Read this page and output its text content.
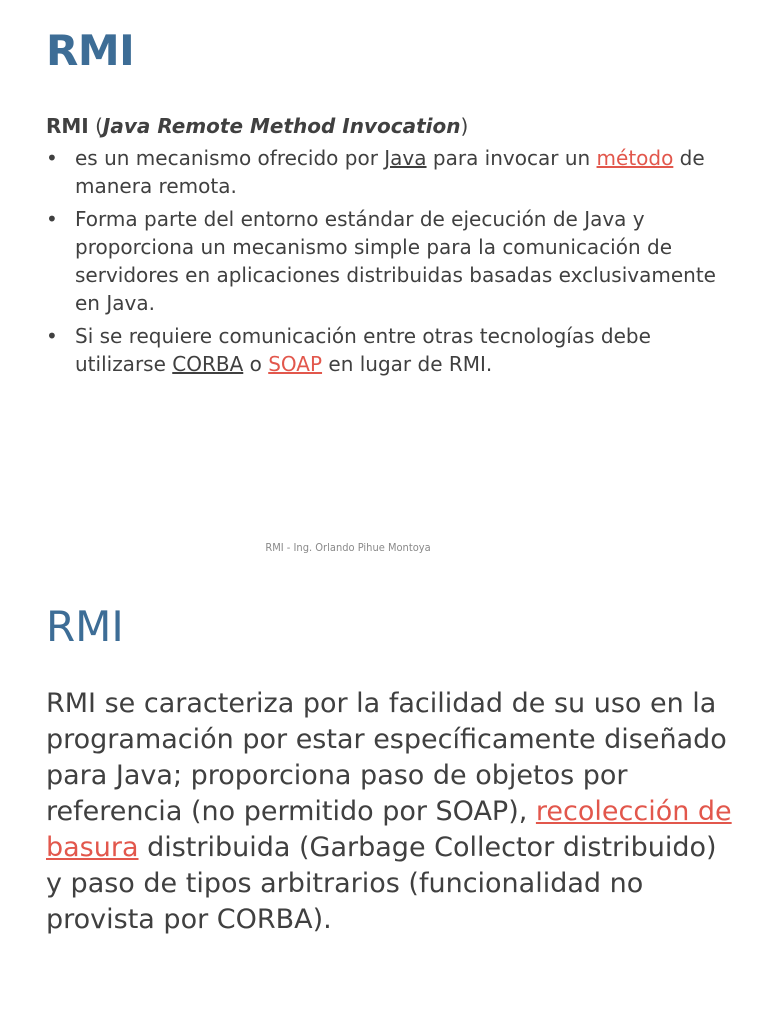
RMI

RMI (Java Remote Method Invocation)

• es un mecanismo ofrecido por Java para invocar un método de manera remota.
• Forma parte del entorno estándar de ejecución de Java y proporciona un mecanismo simple para la comunicación de servidores en aplicaciones distribuidas basadas exclusivamente en Java.
• Si se requiere comunicación entre otras tecnologías debe utilizarse CORBA o SOAP en lugar de RMI.
RMI - Ing. Orlando Pihue Montoya
RMI

RMI se caracteriza por la facilidad de su uso en la programación por estar específicamente diseñado para Java; proporciona paso de objetos por referencia (no permitido por SOAP), recolección de basura distribuida (Garbage Collector distribuido) y paso de tipos arbitrarios (funcionalidad no provista por CORBA).
